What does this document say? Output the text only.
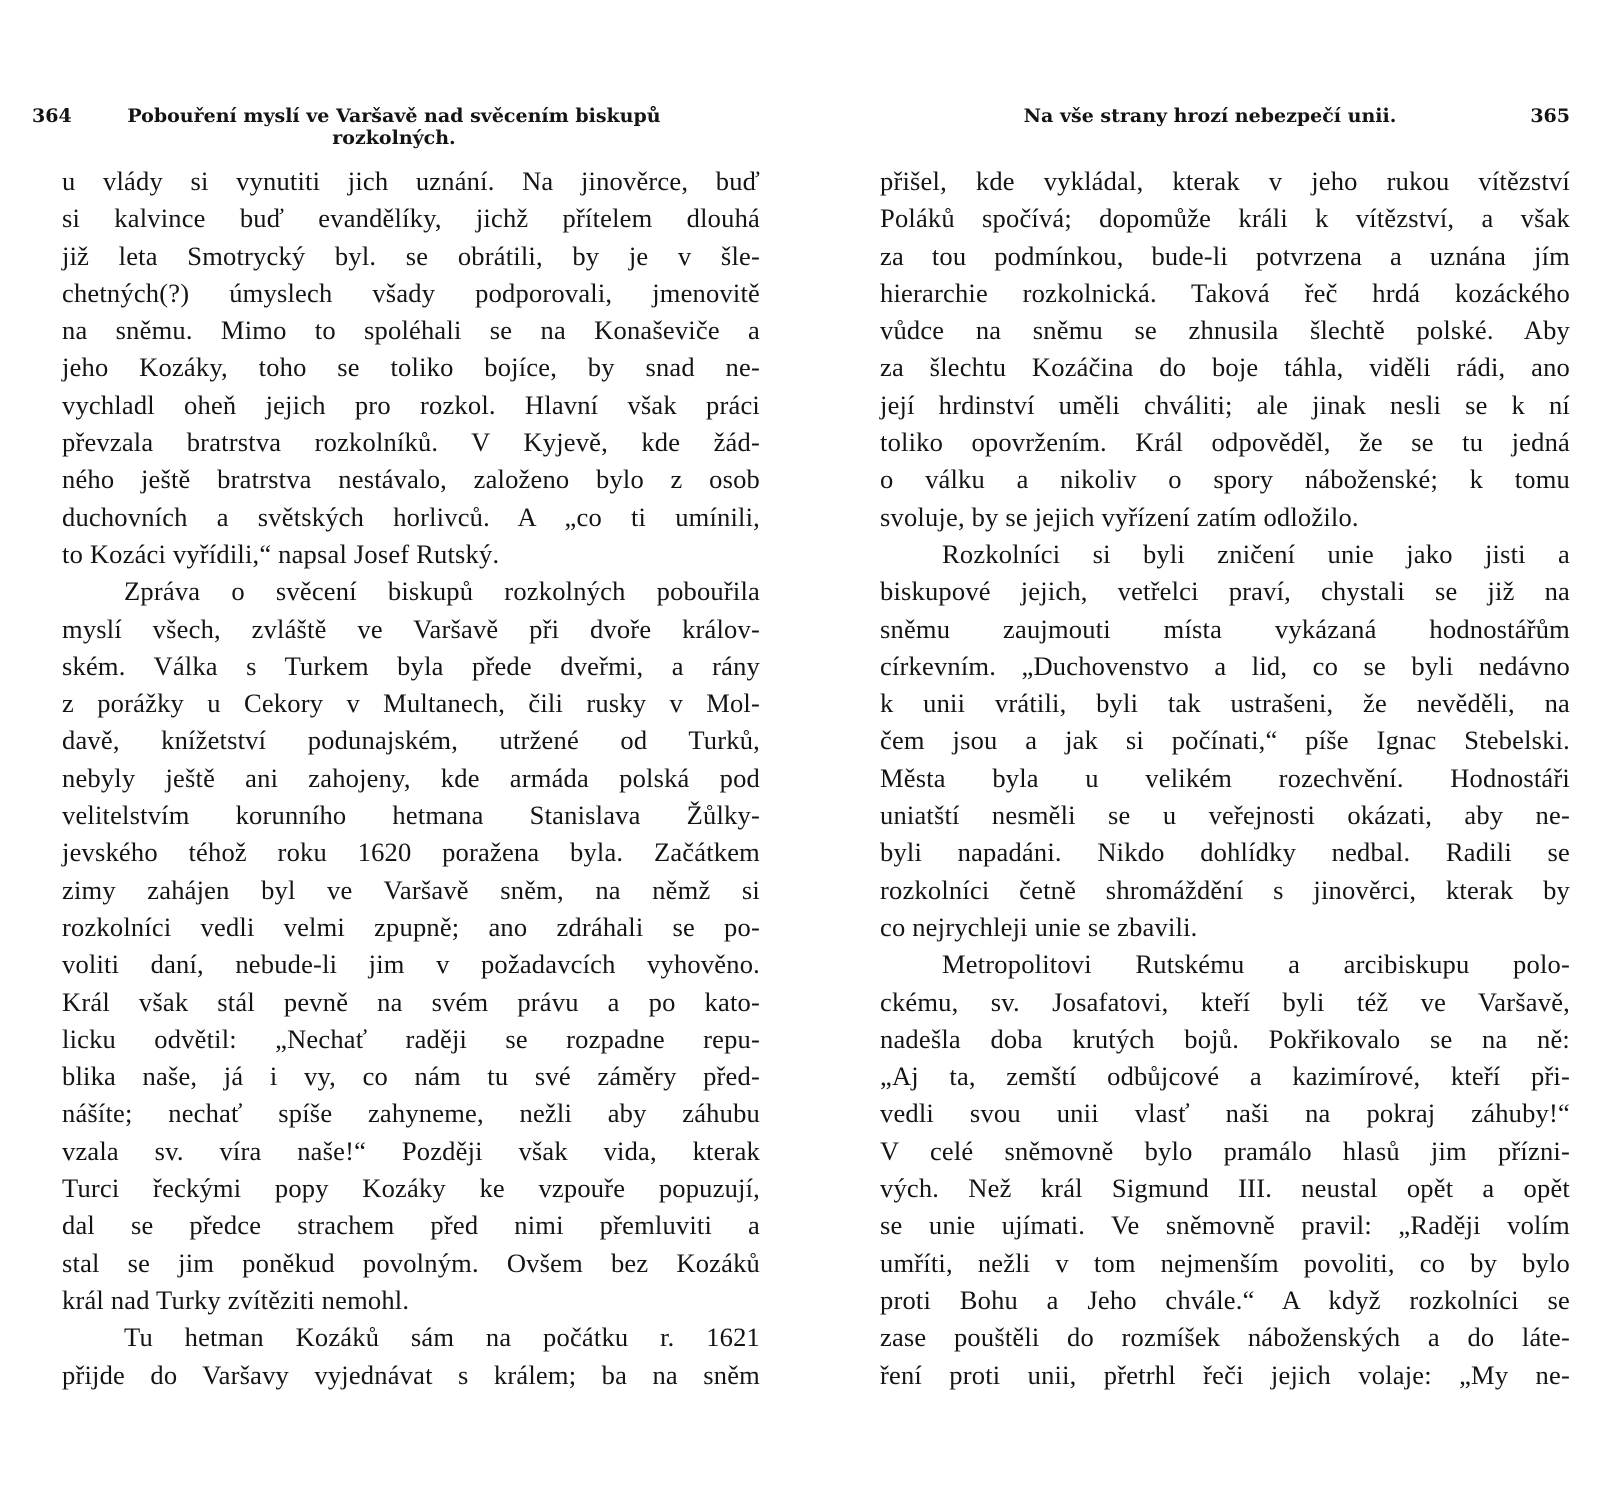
364	Pobouření myslí ve Varšavě nad svěcením biskupů rozkolných.
u vlády si vynutiti jich uznání. Na jinověrce, buď
si kalvince buď evandělíky, jichž přítelem dlouhá
již leta Smotrycký byl. se obrátili, by je v šle-
chetných(?) úmyslech všady podporovali, jmenovitě
na sněmu. Mimo to spoléhali se na Konaševiče a
jeho Kozáky, toho se toliko bojíce, by snad ne-
vychladl oheň jejich pro rozkol. Hlavní však práci
převzala bratrstva rozkolníků. V Kyjevě, kde žád-
ného ještě bratrstva nestávalo, založeno bylo z osob
duchovních a světských horlivců. A „co ti umínili,
to Kozáci vyřídili,“ napsal Josef Rutský.
Zpráva o svěcení biskupů rozkolných pobouřila
myslí všech, zvláště ve Varšavě při dvoře králov-
ském. Válka s Turkem byla přede dveřmi, a rány
z porážky u Cekory v Multanech, čili rusky v Mol-
davě, knížetství podunajském, utržené od Turků,
nebyly ještě ani zahojeny, kde armáda polská pod
velitelstvím korunního hetmana Stanislava Žůlky-
jevského téhož roku 1620 poražena byla. Začátkem
zimy zahájen byl ve Varšavě sněm, na němž si
rozkolníci vedli velmi zpupně; ano zdráhali se po-
voliti daní, nebude-li jim v požadavcích vyhověno.
Král však stál pevně na svém právu a po kato-
licku odvětil: „Nechať raději se rozpadne repu-
blika naše, já i vy, co nám tu své záměry před-
nášíte; nechať spíše zahyneme, nežli aby záhubu
vzala sv. víra naše!“ Později však vida, kterak
Turci řeckými popy Kozáky ke vzpouře popuzují,
dal se předce strachem před nimi přemluviti a
stal se jim poněkud povolným. Ovšem bez Kozáků
král nad Turky zvítěziti nemohl.
Tu hetman Kozáků sám na počátku r. 1621
přijde do Varšavy vyjednávat s králem; ba na sněm
Na vše strany hrozí nebezpečí unii.	365
přišel, kde vykládal, kterak v jeho rukou vítězství
Poláků spočívá; dopomůže králi k vítězství, a však
za tou podmínkou, bude-li potvrzena a uznána jím
hierarchie rozkolnická. Taková řeč hrdá kozáckého
vůdce na sněmu se zhnusila šlechtě polské. Aby
za šlechtu Kozáčina do boje táhla, viděli rádi, ano
její hrdinství uměli chváliti; ale jinak nesli se k ní
toliko opovržením. Král odpověděl, že se tu jedná
o válku a nikoliv o spory náboženské; k tomu
svoluje, by se jejich vyřízení zatím odložilo.
Rozkolníci si byli zničení unie jako jisti a
biskupové jejich, vetřelci praví, chystali se již na
sněmu zaujmouti místa vykázaná hodnostářům
církevním. „Duchovenstvo a lid, co se byli nedávno
k unii vrátili, byli tak ustrašeni, že nevěděli, na
čem jsou a jak si počínati,“ píše Ignac Stebelski.
Města byla u velikém rozechvění. Hodnostáři
uniatští nesměli se u veřejnosti okázati, aby ne-
byli napadáni. Nikdo dohlídky nedbal. Radili se
rozkolníci četně shromáždění s jinověrci, kterak by
co nejrychleji unie se zbavili.
Metropolitovi Rutskému a arcibiskupu polo-
ckému, sv. Josafatovi, kteří byli též ve Varšavě,
nadešla doba krutých bojů. Pokřikovalo se na ně:
„Aj ta, zemští odbůjcové a kazimírové, kteří při-
vedli svou unii vlasť naši na pokraj záhuby!“
V celé sněmovně bylo pramálo hlasů jim přízni-
vých. Než král Sigmund III. neustal opět a opět
se unie ujímati. Ve sněmovně pravil: „Raději volím
umříti, nežli v tom nejmenším povoliti, co by bylo
proti Bohu a Jeho chvále.“ A když rozkolníci se
zase pouštěli do rozmíšek náboženských a do láte-
ření proti unii, přetrhl řeči jejich volaje: „My ne-
